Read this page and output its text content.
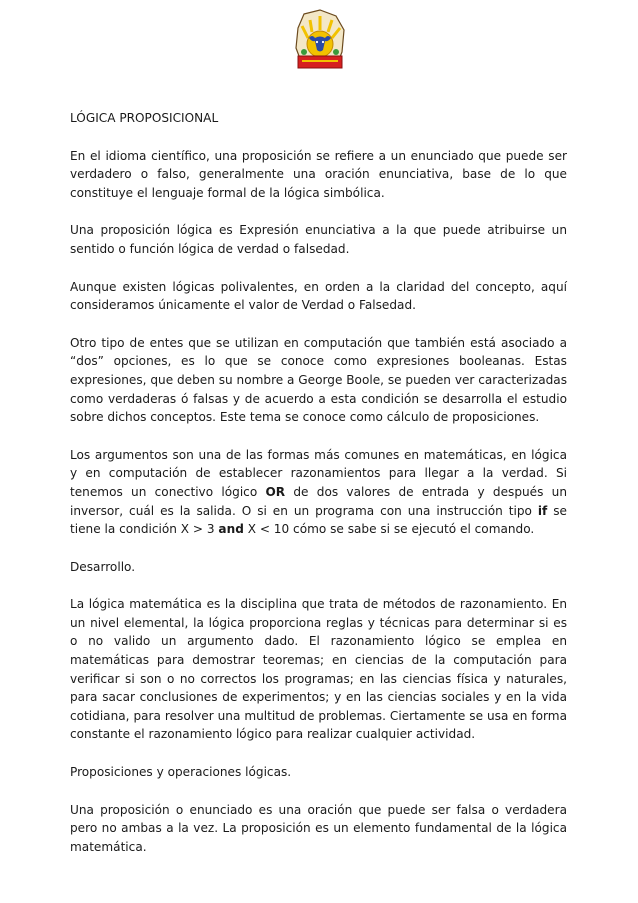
LÓGICA PROPOSICIONAL

En el idioma científico, una proposición se refiere a un enunciado que puede ser verdadero o falso, generalmente una oración enunciativa, base de lo que constituye el lenguaje formal de la lógica simbólica.

Una proposición lógica es Expresión enunciativa a la que puede atribuirse un sentido o función lógica de verdad o falsedad.

Aunque existen lógicas polivalentes, en orden a la claridad del concepto, aquí consideramos únicamente el valor de Verdad o Falsedad.

Otro tipo de entes que se utilizan en computación que también está asociado a “dos” opciones, es lo que se conoce como expresiones booleanas. Estas expresiones, que deben su nombre a George Boole, se pueden ver caracterizadas como verdaderas ó falsas y de acuerdo a esta condición se desarrolla el estudio sobre dichos conceptos. Este tema se conoce como cálculo de proposiciones.

Los argumentos son una de las formas más comunes en matemáticas, en lógica y en computación de establecer razonamientos para llegar a la verdad. Si tenemos un conectivo lógico OR de dos valores de entrada y después un inversor, cuál es la salida. O si en un programa con una instrucción tipo if se tiene la condición X > 3 and X < 10 cómo se sabe si se ejecutó el comando.

Desarrollo.

La lógica matemática es la disciplina que trata de métodos de razonamiento. En un nivel elemental, la lógica proporciona reglas y técnicas para determinar si es o no valido un argumento dado. El razonamiento lógico se emplea en matemáticas para demostrar teoremas; en ciencias de la computación para verificar si son o no correctos los programas; en las ciencias física y naturales, para sacar conclusiones de experimentos; y en las ciencias sociales y en la vida cotidiana, para resolver una multitud de problemas. Ciertamente se usa en forma constante el razonamiento lógico para realizar cualquier actividad.

Proposiciones y operaciones lógicas.

Una proposición o enunciado es una oración que puede ser falsa o verdadera pero no ambas a la vez. La proposición es un elemento fundamental de la lógica matemática.
